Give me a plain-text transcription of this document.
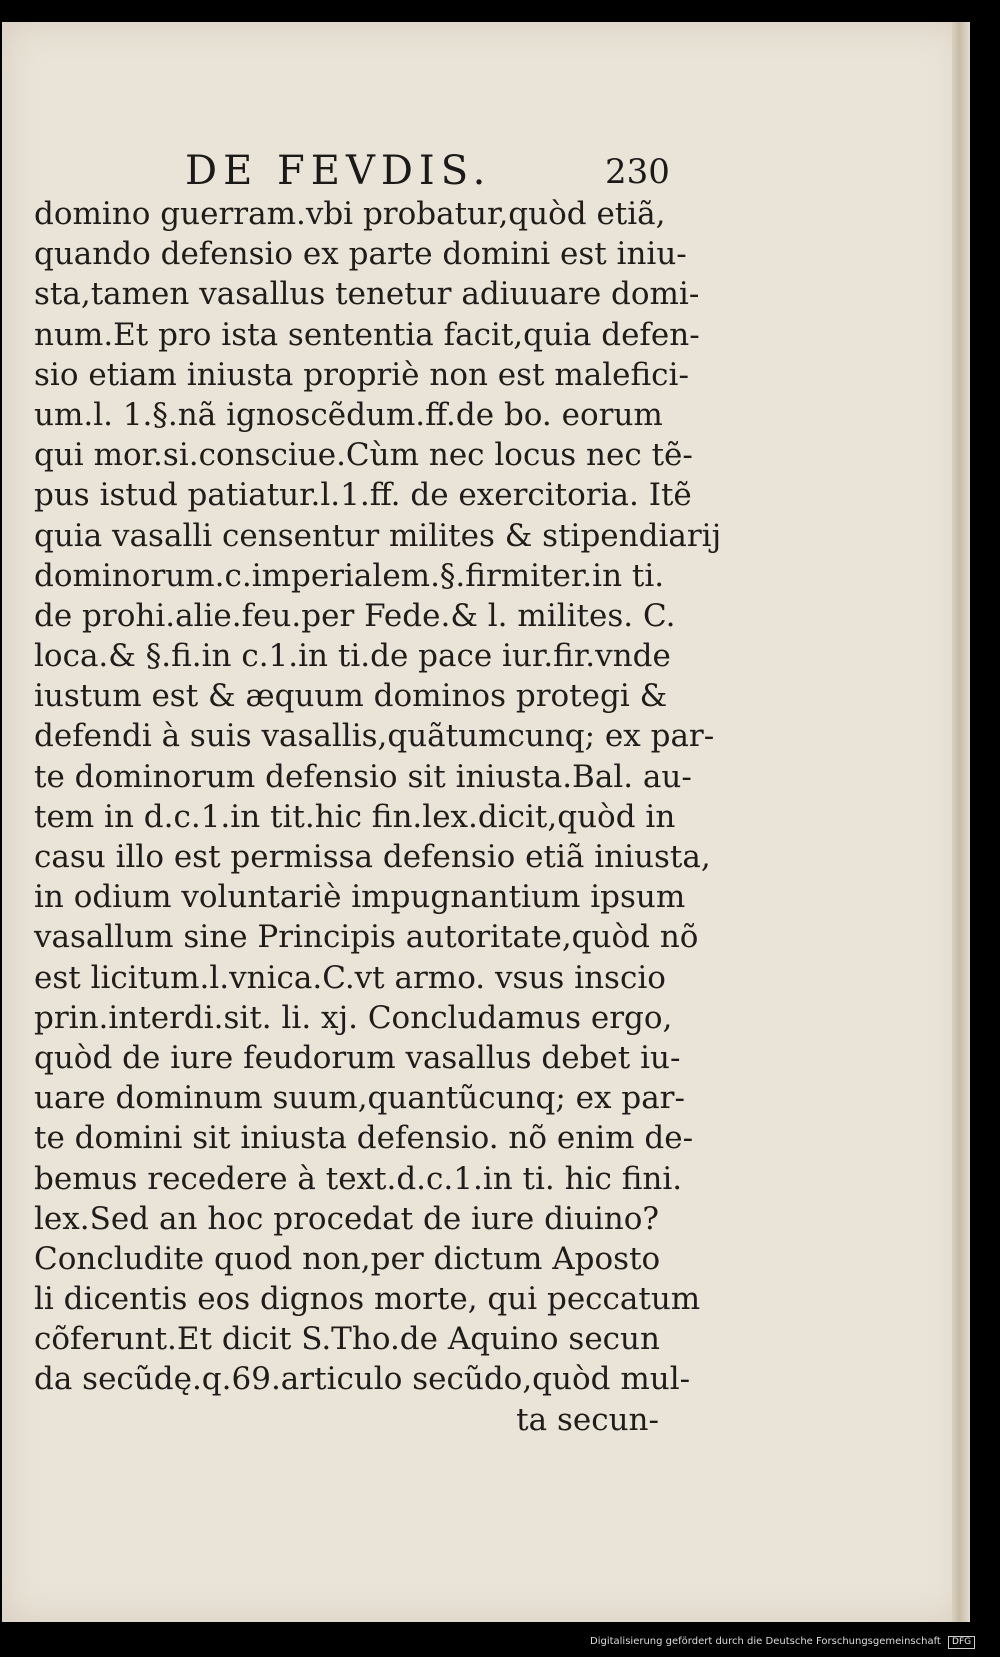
DE FEVDIS.	230
domino guerram.vbi probatur,quòd etiã,
quando defensio ex parte domini est iniu-
sta,tamen vasallus tenetur adiuuare domi-
num.Et pro ista sententia facit,quia defen-
sio etiam iniusta propriè non est malefici-
um.l. 1.§.nã ignoscẽdum.ff.de bo. eorum
qui mor.si.consciue.Cùm nec locus nec tẽ-
pus istud patiatur.l.1.ff. de exercitoria. Itẽ
quia vasalli censentur milites & stipendiarij
dominorum.c.imperialem.§.firmiter.in ti.
de prohi.alie.feu.per Fede.& l. milites. C.
loca.& §.fi.in c.1.in ti.de pace iur.fir.vnde
iustum est & æquum dominos protegi &
defendi à suis vasallis,quãtumcunq; ex par-
te dominorum defensio sit iniusta.Bal. au-
tem in d.c.1.in tit.hic fin.lex.dicit,quòd in
casu illo est permissa defensio etiã iniusta,
in odium voluntariè impugnantium ipsum
vasallum sine Principis autoritate,quòd nõ
est licitum.l.vnica.C.vt armo. vsus inscio
prin.interdi.sit. li. xj. Concludamus ergo,
quòd de iure feudorum vasallus debet iu-
uare dominum suum,quantũcunq; ex par-
te domini sit iniusta defensio. nõ enim de-
bemus recedere à text.d.c.1.in ti. hic fini.
lex.Sed an hoc procedat de iure diuino?
Concludite quod non,per dictum Aposto
li dicentis eos dignos morte, qui peccatum
cõferunt.Et dicit S.Tho.de Aquino secun
da secũdę.q.69.articulo secũdo,quòd mul-
ta secun-
Digitalisierung gefördert durch die Deutsche Forschungsgemeinschaft DFG
